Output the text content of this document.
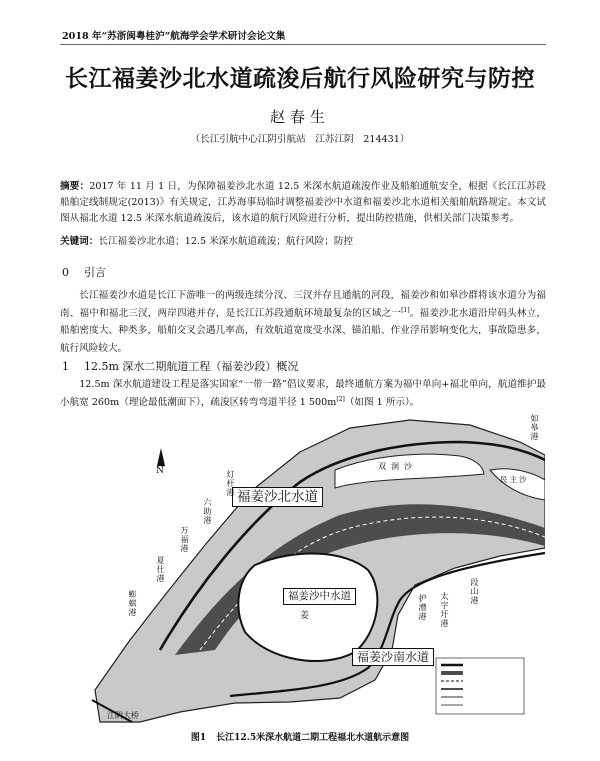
2018 年“苏浙闽粤桂沪”航海学会学术研讨会论文集
长江福姜沙北水道疏浚后航行风险研究与防控
赵春生
（长江引航中心江阴引航站　江苏江阴　214431）
摘要：2017 年 11 月 1 日，为保障福姜沙北水道 12.5 米深水航道疏浚作业及船舶通航安全，根据《长江江苏段船舶定线制规定(2013)》有关规定，江苏海事局临时调整福姜沙中水道和福姜沙北水道相关船舶航路规定。本文试图从福北水道 12.5 米深水航道疏浚后，该水道的航行风险进行分析，提出防控措施，供相关部门决策参考。
关键词：长江福姜沙北水道；12.5 米深水航道疏浚；航行风险；防控
0 引言
长江福姜沙水道是长江下游唯一的两级连续分汊、三汊并存且通航的河段，福姜沙和如皋沙群将该水道分为福南、福中和福北三汊，两岸四港并存，是长江江苏段通航环境最复杂的区域之一[1]。福姜沙北水道沿岸码头林立，船舶密度大、种类多，船舶交叉会遇几率高，有效航道宽度受水深、锚泊船、作业浮吊影响变化大，事故隐患多，航行风险较大。
1 12.5m 深水二期航道工程（福姜沙段）概况
12.5m 深水航道建设工程是落实国家“一带一路”倡议要求，最终通航方案为福中单向+福北单向，航道维护最小航宽 260m（理论最低潮面下），疏浚区转弯弯道半径 1 500m[2]（如图 1 所示）。
福姜沙北水道
福姜沙中水道
福姜沙南水道
N	双涧沙
民主沙
姜
江阴大桥
如皋港
灯杆港
六助港
万福港
夏仕港
蟛蜞港	护漕港 太字圩港
段山港
图1 长江12.5米深水航道二期工程福北水道航示意图
